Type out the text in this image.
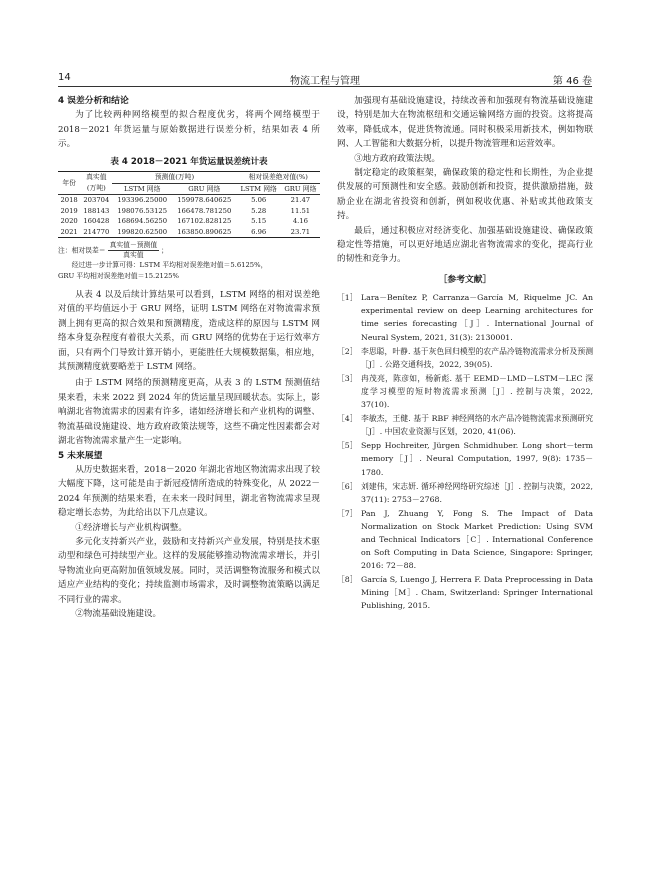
14	物流工程与管理	第 46 卷

4 误差分析和结论

为了比较两种网络模型的拟合程度优劣，将两个网络模型于 2018－2021 年货运量与原始数据进行误差分析，结果如表 4 所示。

表 4 2018－2021 年货运量误差统计表
年份	真实值	预测值(万吨)		相对误差绝对值(%)	
	(万吨)	LSTM 网络	GRU 网络	LSTM 网络	GRU 网络
2018	203704	193396.25000	159978.640625	5.06	21.47
2019	188143	198076.53125	166478.781250	5.28	11.51
2020	160428	168694.56250	167102.828125	5.15	4.16
2021	214770	199820.62500	163850.890625	6.96	23.71
注：相对误差＝ $\frac{\text{真实值－预测值}}{\text{真实值}}$ ；
经过进一步计算可得：LSTM 平均相对误差绝对值＝5.6125%，
GRU 平均相对误差绝对值＝15.2125%

从表 4 以及后续计算结果可以看到，LSTM 网络的相对误差绝对值的平均值远小于 GRU 网络，证明 LSTM 网络在对物流需求预测上拥有更高的拟合效果和预测精度，造成这样的原因与 LSTM 网络本身复杂程度有着很大关系，而 GRU 网络的优势在于运行效率方面，只有两个门导致计算开销小，更能胜任大规模数据集，相应地，其预测精度就要略差于 LSTM 网络。

由于 LSTM 网络的预测精度更高，从表 3 的 LSTM 预测值结果来看，未来 2022 到 2024 年的货运量呈现回暖状态。实际上，影响湖北省物流需求的因素有许多，诸如经济增长和产业机构的调整、物流基础设施建设、地方政府政策法规等，这些不确定性因素都会对湖北省物流需求量产生一定影响。

5 未来展望

从历史数据来看，2018－2020 年湖北省地区物流需求出现了较大幅度下降，这可能是由于新冠疫情所造成的特殊变化，从 2022－2024 年预测的结果来看，在未来一段时间里，湖北省物流需求呈现稳定增长态势，为此给出以下几点建议。

①经济增长与产业机构调整。

多元化支持新兴产业，鼓励和支持新兴产业发展，特别是技术驱动型和绿色可持续型产业。这样的发展能够推动物流需求增长，并引导物流业向更高附加值领域发展。同时，灵活调整物流服务和模式以适应产业结构的变化；持续监测市场需求，及时调整物流策略以满足不同行业的需求。

②物流基础设施建设。

加强现有基础设施建设，持续改善和加强现有物流基础设施建设，特别是加大在物流枢纽和交通运输网络方面的投资。这将提高效率，降低成本，促进货物流通。同时积极采用新技术，例如物联网、人工智能和大数据分析，以提升物流管理和运营效率。

③地方政府政策法规。

制定稳定的政策框架，确保政策的稳定性和长期性，为企业提供发展的可预测性和安全感。鼓励创新和投资，提供激励措施，鼓励企业在湖北省投资和创新，例如税收优惠、补贴或其他政策支持。

最后，通过积极应对经济变化、加强基础设施建设、确保政策稳定性等措施，可以更好地适应湖北省物流需求的变化，提高行业的韧性和竞争力。

［参考文献］
［1］ Lara－Benítez P, Carranza－García M, Riquelme JC. An experimental review on deep Learning architectures for time series forecasting［J］. International Journal of Neural System, 2021, 31(3): 2130001.
［2］ 李思聪，叶静. 基于灰色回归模型的农产品冷链物流需求分析及预测［J］. 公路交通科技，2022, 39(05).
［3］ 冉茂亮，陈彦如，杨新彪. 基于 EEMD－LMD－LSTM－LEC 深度学习模型的短时物流需求预测［J］. 控制与决策，2022, 37(10).
［4］ 李敏杰，王健. 基于 RBF 神经网络的水产品冷链物流需求预测研究［J］. 中国农业资源与区划，2020, 41(06).
［5］ Sepp Hochreiter, Jürgen Schmidhuber. Long short－term memory［J］. Neural Computation, 1997, 9(8): 1735－1780.
［6］ 刘建伟，宋志妍. 循环神经网络研究综述［J］. 控制与决策，2022, 37(11): 2753－2768.
［7］ Pan J, Zhuang Y, Fong S. The Impact of Data Normalization on Stock Market Prediction: Using SVM and Technical Indicators［C］. International Conference on Soft Computing in Data Science, Singapore: Springer, 2016: 72－88.
［8］ García S, Luengo J, Herrera F. Data Preprocessing in Data Mining［M］. Cham, Switzerland: Springer International Publishing, 2015.
